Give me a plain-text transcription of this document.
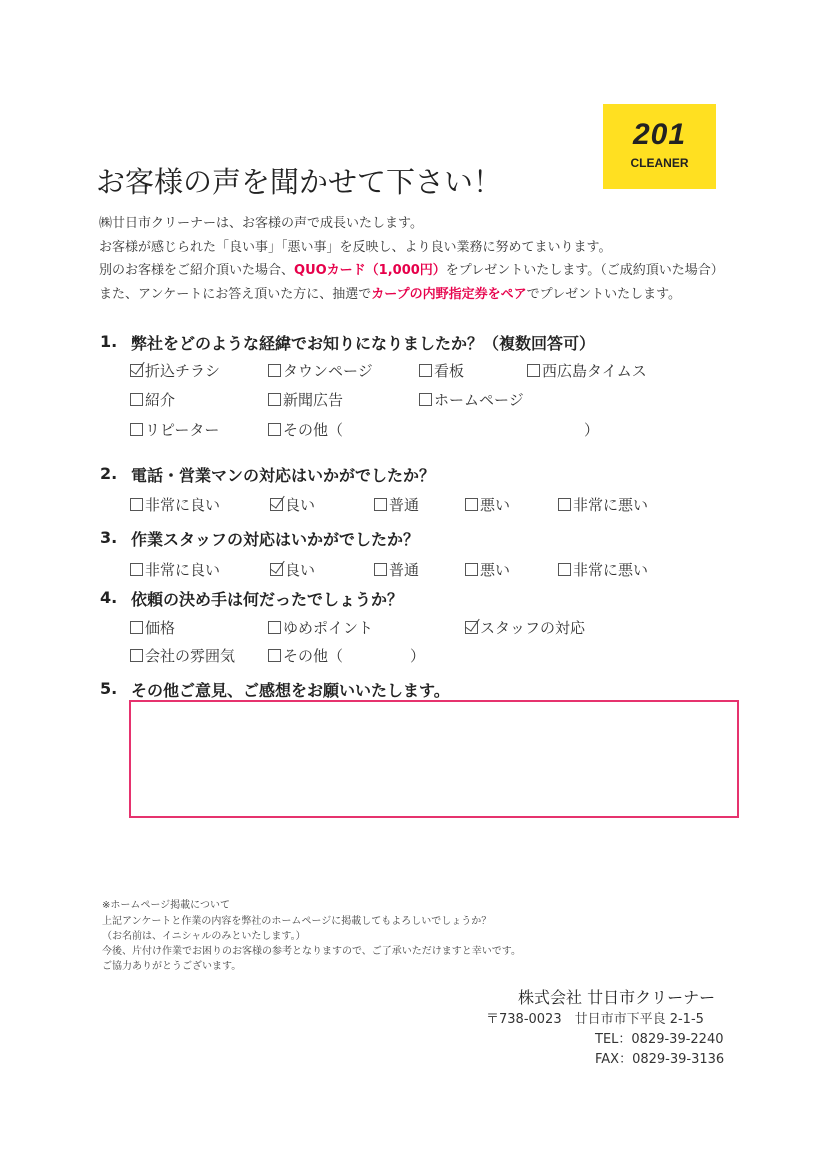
201
CLEANER
お客様の声を聞かせて下さい！
㈱廿日市クリーナーは、お客様の声で成長いたします。
お客様が感じられた「良い事」「悪い事」を反映し、より良い業務に努めてまいります。
別のお客様をご紹介頂いた場合、QUOカード（1,000円）をプレゼントいたします。（ご成約頂いた場合）
また、アンケートにお答え頂いた方に、抽選でカープの内野指定券をペアでプレゼントいたします。
1. 弊社をどのような経緯でお知りになりましたか？（複数回答可）
折込チラシ	タウンページ	看板	西広島タイムス
紹介	新聞広告	ホームページ
リピーター	その他（	）
2. 電話・営業マンの対応はいかがでしたか？
非常に良い	良い	普通	悪い	非常に悪い
3. 作業スタッフの対応はいかがでしたか？
非常に良い	良い	普通	悪い	非常に悪い
4. 依頼の決め手は何だったでしょうか？
価格	ゆめポイント	スタッフの対応
会社の雰囲気	その他（	）
5. その他ご意見、ご感想をお願いいたします。
※ホームページ掲載について
上記アンケートと作業の内容を弊社のホームページに掲載してもよろしいでしょうか？
（お名前は、イニシャルのみといたします。）
今後、片付け作業でお困りのお客様の参考となりますので、ご了承いただけますと幸いです。
ご協力ありがとうございます。
株式会社 廿日市クリーナー
〒738-0023　廿日市市下平良 2-1-5
TEL：0829-39-2240
FAX：0829-39-3136
